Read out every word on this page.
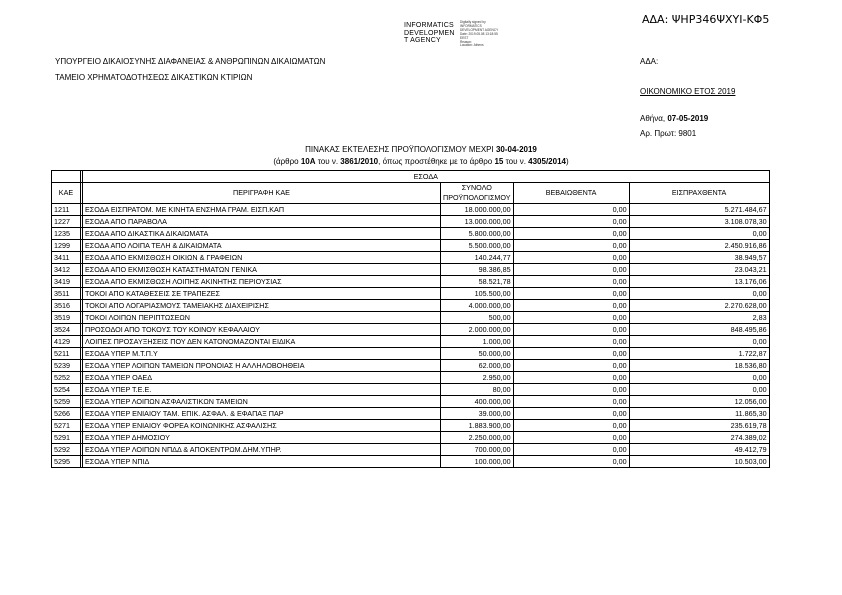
ΑΔΑ: ΨΗΡ346ΨΧΥΙ-ΚΦ5
INFORMATICS
DEVELOPMEN
T AGENCY
Digitally signed by
INFORMATICS
DEVELOPMENT AGENCY
Date: 2019.05.08 13:18:55
EEST
Reason:
Location: Athens
ΥΠΟΥΡΓΕΙΟ ΔΙΚΑΙΟΣΥΝΗΣ ΔΙΑΦΑΝΕΙΑΣ & ΑΝΘΡΩΠΙΝΩΝ ΔΙΚΑΙΩΜΑΤΩΝ
ΤΑΜΕΙΟ ΧΡΗΜΑΤΟΔΟΤΗΣΕΩΣ ΔΙΚΑΣΤΙΚΩΝ ΚΤΙΡΙΩΝ
ΑΔΑ:
ΟΙΚΟΝΟΜΙΚΟ ΕΤΟΣ 2019
Αθήνα, 07-05-2019
Αρ. Πρωτ: 9801
ΠΙΝΑΚΑΣ ΕΚΤΕΛΕΣΗΣ ΠΡΟΫΠΟΛΟΓΙΣΜΟΥ ΜΕΧΡΙ 30-04-2019
(άρθρο 10Α του ν. 3861/2010, όπως προστέθηκε με το άρθρο 15 του ν. 4305/2014)
		ΕΣΟΔΑ			
ΚΑΕ		ΠΕΡΙΓΡΑΦΗ ΚΑΕ	ΣΥΝΟΛΟ
ΠΡΟΫΠΟΛΟΓΙΣΜΟΥ	ΒΕΒΑΙΩΘΕΝΤΑ	ΕΙΣΠΡΑΧΘΕΝΤΑ
1211		ΕΣΟΔΑ ΕΙΣΠΡΑΤΟΜ. ΜΕ ΚΙΝΗΤΑ ΕΝΣΗΜΑ ΓΡΑΜ. ΕΙΣΠ.ΚΑΠ	18.000.000,00	0,00	5.271.484,67
1227		ΕΣΟΔΑ ΑΠΟ ΠΑΡΑΒΟΛΑ	13.000.000,00	0,00	3.108.078,30
1235		ΕΣΟΔΑ ΑΠΟ ΔΙΚΑΣΤΙΚΑ ΔΙΚΑΙΩΜΑΤΑ	5.800.000,00	0,00	0,00
1299		ΕΣΟΔΑ ΑΠΟ ΛΟΙΠΑ ΤΕΛΗ & ΔΙΚΑΙΩΜΑΤΑ	5.500.000,00	0,00	2.450.916,86
3411		ΕΣΟΔΑ ΑΠΟ ΕΚΜΙΣΘΩΣΗ ΟΙΚΙΩΝ & ΓΡΑΦΕΙΩΝ	140.244,77	0,00	38.949,57
3412		ΕΣΟΔΑ ΑΠΟ ΕΚΜΙΣΘΩΣΗ ΚΑΤΑΣΤΗΜΑΤΩΝ ΓΕΝΙΚΑ	98.386,85	0,00	23.043,21
3419		ΕΣΟΔΑ ΑΠΟ ΕΚΜΙΣΘΩΣΗ ΛΟΙΠΗΣ ΑΚΙΝΗΤΗΣ ΠΕΡΙΟΥΣΙΑΣ	58.521,78	0,00	13.176,06
3511		ΤΟΚΟΙ ΑΠΟ ΚΑΤΑΘΕΣΕΙΣ ΣΕ ΤΡΑΠΕΖΕΣ	105.500,00	0,00	0,00
3516		ΤΟΚΟΙ ΑΠΟ ΛΟΓΑΡΙΑΣΜΟΥΣ ΤΑΜΕΙΑΚΗΣ ΔΙΑΧΕΙΡΙΣΗΣ	4.000.000,00	0,00	2.270.628,00
3519		ΤΟΚΟΙ ΛΟΙΠΩΝ ΠΕΡΙΠΤΩΣΕΩΝ	500,00	0,00	2,83
3524		ΠΡΟΣΟΔΟΙ ΑΠΟ ΤΟΚΟΥΣ ΤΟΥ ΚΟΙΝΟΥ ΚΕΦΑΛΑΙΟΥ	2.000.000,00	0,00	848.495,86
4129		ΛΟΙΠΕΣ ΠΡΟΣΑΥΞΗΣΕΙΣ ΠΟΥ ΔΕΝ ΚΑΤΟΝΟΜΑΖΟΝΤΑΙ ΕΙΔΙΚΑ	1.000,00	0,00	0,00
5211		ΕΣΟΔΑ ΥΠΕΡ Μ.Τ.Π.Υ	50.000,00	0,00	1.722,87
5239		ΕΣΟΔΑ ΥΠΕΡ ΛΟΙΠΩΝ ΤΑΜΕΙΩΝ ΠΡΟΝΟΙΑΣ Η ΑΛΛΗΛΟΒΟΗΘΕΙΑ	62.000,00	0,00	18.536,80
5252		ΕΣΟΔΑ ΥΠΕΡ ΟΑΕΔ	2.950,00	0,00	0,00
5254		ΕΣΟΔΑ ΥΠΕΡ Τ.Ε.Ε.	80,00	0,00	0,00
5259		ΕΣΟΔΑ ΥΠΕΡ ΛΟΙΠΩΝ ΑΣΦΑΛΙΣΤΙΚΩΝ ΤΑΜΕΙΩΝ	400.000,00	0,00	12.056,00
5266		ΕΣΟΔΑ ΥΠΕΡ ΕΝΙΑΙΟΥ ΤΑΜ. ΕΠΙΚ. ΑΣΦΑΛ. & ΕΦΑΠΑΞ ΠΑΡ	39.000,00	0,00	11.865,30
5271		ΕΣΟΔΑ ΥΠΕΡ ΕΝΙΑΙΟΥ ΦΟΡΕΑ ΚΟΙΝΩΝΙΚΗΣ ΑΣΦΑΛΙΣΗΣ	1.883.900,00	0,00	235.619,78
5291		ΕΣΟΔΑ ΥΠΕΡ ΔΗΜΟΣΙΟΥ	2.250.000,00	0,00	274.389,02
5292		ΕΣΟΔΑ ΥΠΕΡ ΛΟΙΠΩΝ ΝΠΔΔ & ΑΠΟΚΕΝΤΡΩΜ.ΔΗΜ.ΥΠΗΡ.	700.000,00	0,00	49.412,79
5295		ΕΣΟΔΑ ΥΠΕΡ ΝΠΙΔ	100.000,00	0,00	10.503,00
